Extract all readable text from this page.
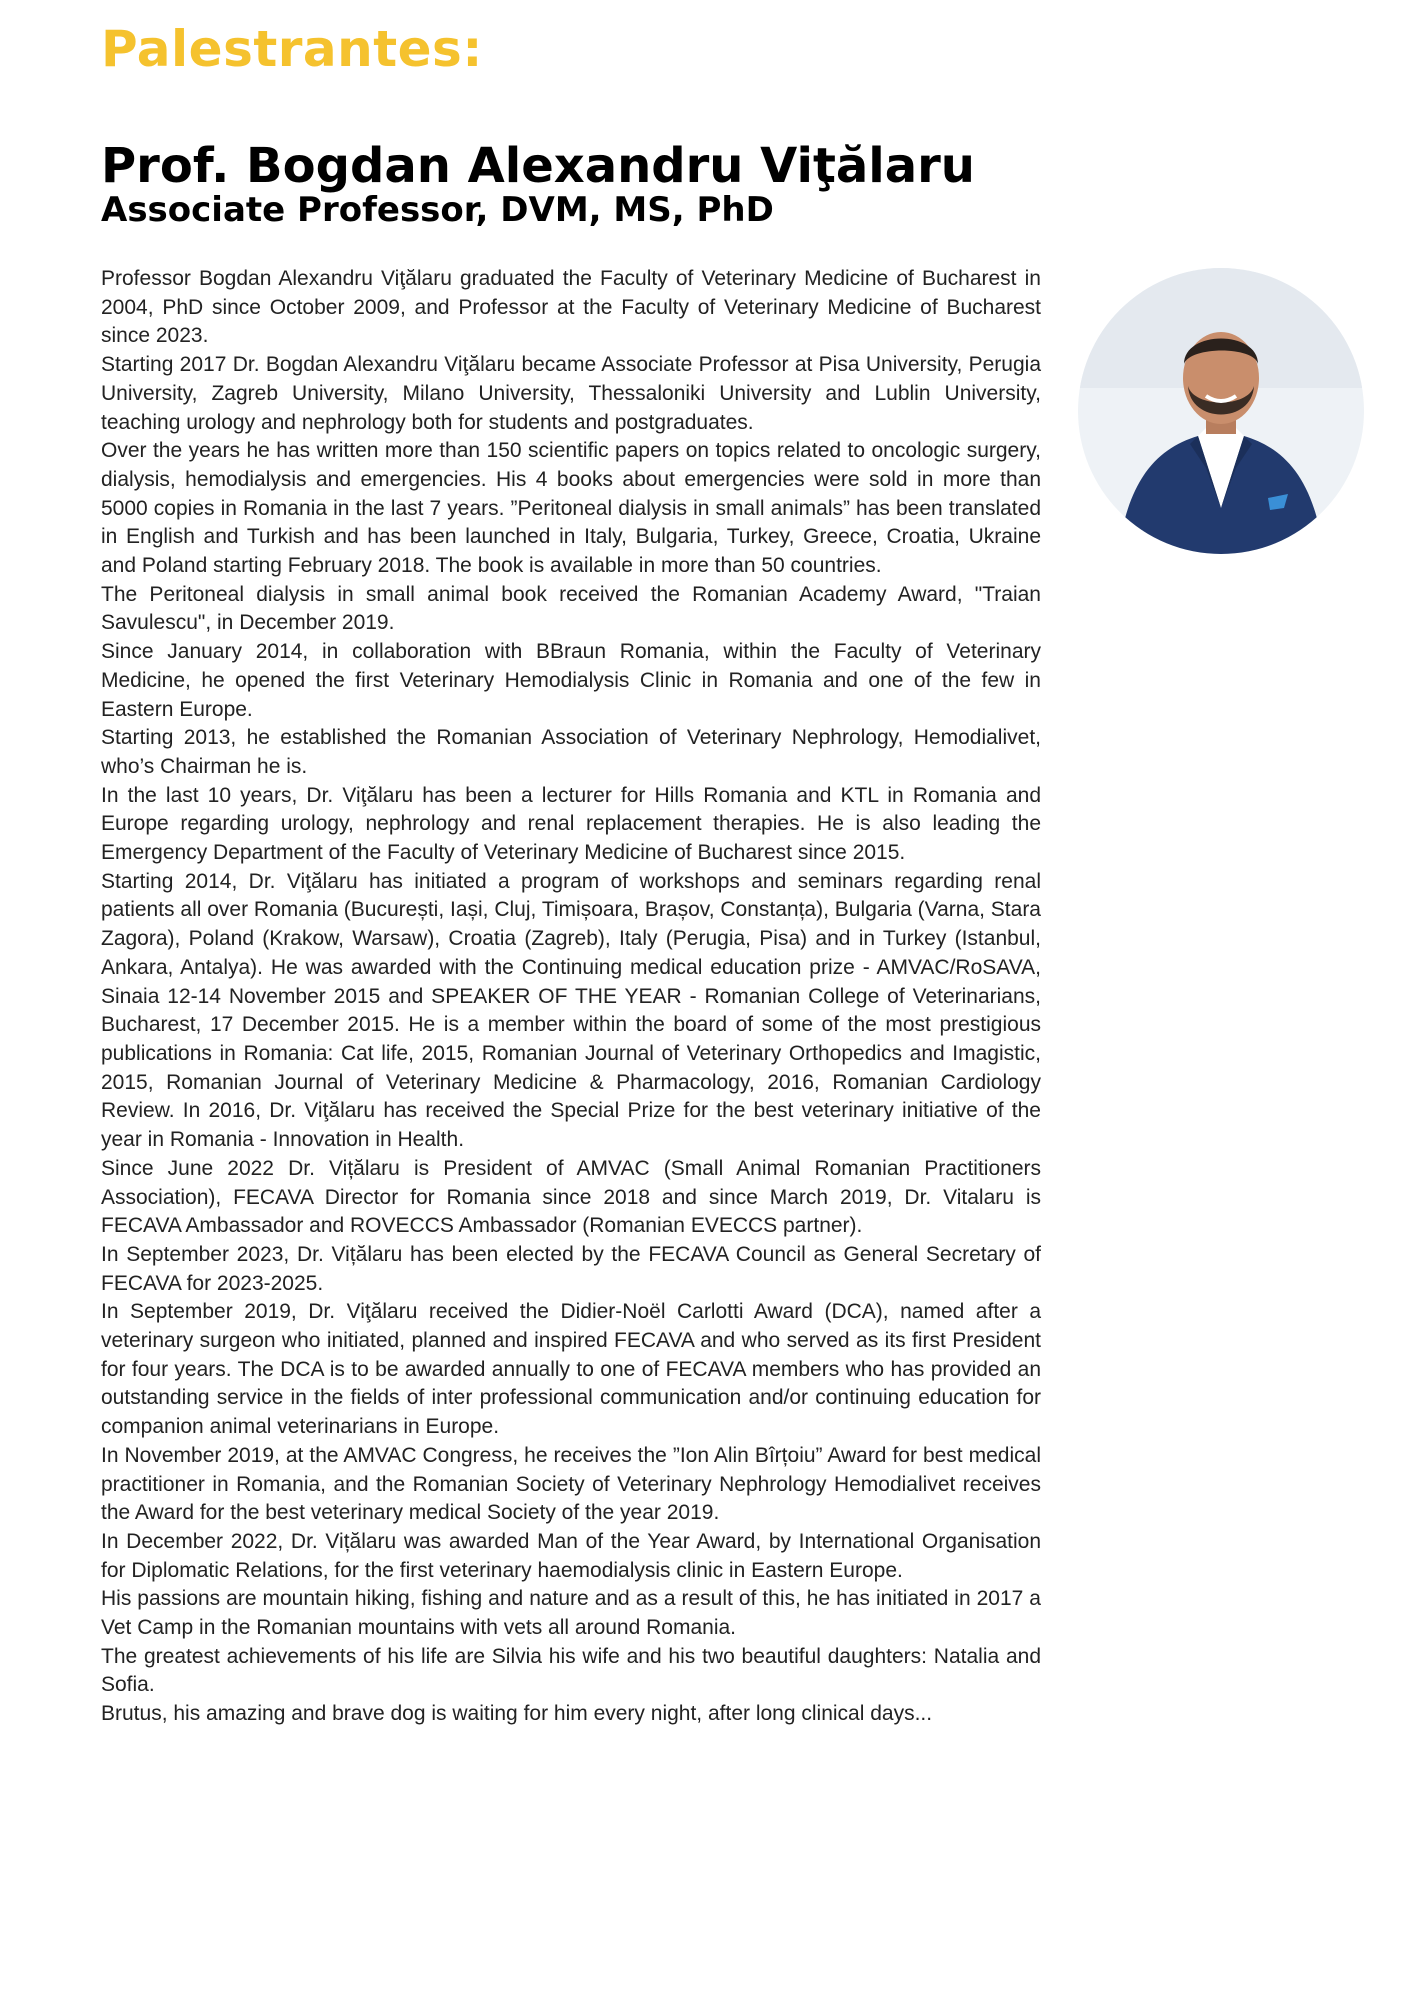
Palestrantes:
Prof. Bogdan Alexandru Viţălaru
Associate Professor, DVM, MS, PhD

Professor Bogdan Alexandru Viţălaru graduated the Faculty of Veterinary Medicine of Bucharest in 2004, PhD since October 2009, and Professor at the Faculty of Veterinary Medicine of Bucharest since 2023.

Starting 2017 Dr. Bogdan Alexandru Viţălaru became Associate Professor at Pisa University, Perugia University, Zagreb University, Milano University, Thessaloniki University and Lublin University, teaching urology and nephrology both for students and postgraduates.

Over the years he has written more than 150 scientific papers on topics related to oncologic surgery, dialysis, hemodialysis and emergencies. His 4 books about emergencies were sold in more than 5000 copies in Romania in the last 7 years. ”Peritoneal dialysis in small animals” has been translated in English and Turkish and has been launched in Italy, Bulgaria, Turkey, Greece, Croatia, Ukraine and Poland starting February 2018. The book is available in more than 50 countries.

The Peritoneal dialysis in small animal book received the Romanian Academy Award, "Traian Savulescu", in December 2019.

Since January 2014, in collaboration with BBraun Romania, within the Faculty of Veterinary Medicine, he opened the first Veterinary Hemodialysis Clinic in Romania and one of the few in Eastern Europe.

Starting 2013, he established the Romanian Association of Veterinary Nephrology, Hemodialivet, who’s Chairman he is.

In the last 10 years, Dr. Viţălaru has been a lecturer for Hills Romania and KTL in Romania and Europe regarding urology, nephrology and renal replacement therapies. He is also leading the Emergency Department of the Faculty of Veterinary Medicine of Bucharest since 2015.

Starting 2014, Dr. Viţălaru has initiated a program of workshops and seminars regarding renal patients all over Romania (București, Iași, Cluj, Timișoara, Brașov, Constanța), Bulgaria (Varna, Stara Zagora), Poland (Krakow, Warsaw), Croatia (Zagreb), Italy (Perugia, Pisa) and in Turkey (Istanbul, Ankara, Antalya). He was awarded with the Continuing medical education prize - AMVAC/RoSAVA, Sinaia 12-14 November 2015 and SPEAKER OF THE YEAR - Romanian College of Veterinarians, Bucharest, 17 December 2015. He is a member within the board of some of the most prestigious publications in Romania: Cat life, 2015, Romanian Journal of Veterinary Orthopedics and Imagistic, 2015, Romanian Journal of Veterinary Medicine & Pharmacology, 2016, Romanian Cardiology Review. In 2016, Dr. Viţălaru has received the Special Prize for the best veterinary initiative of the year in Romania - Innovation in Health.

Since June 2022 Dr. Vițălaru is President of AMVAC (Small Animal Romanian Practitioners Association), FECAVA Director for Romania since 2018 and since March 2019, Dr. Vitalaru is FECAVA Ambassador and ROVECCS Ambassador (Romanian EVECCS partner).

In September 2023, Dr. Vițălaru has been elected by the FECAVA Council as General Secretary of FECAVA for 2023-2025.

In September 2019, Dr. Viţălaru received the Didier-Noël Carlotti Award (DCA), named after a veterinary surgeon who initiated, planned and inspired FECAVA and who served as its first President for four years. The DCA is to be awarded annually to one of FECAVA members who has provided an outstanding service in the fields of inter professional communication and/or continuing education for companion animal veterinarians in Europe.

In November 2019, at the AMVAC Congress, he receives the ”Ion Alin Bîrțoiu” Award for best medical practitioner in Romania, and the Romanian Society of Veterinary Nephrology Hemodialivet receives the Award for the best veterinary medical Society of the year 2019.

In December 2022, Dr. Vițălaru was awarded Man of the Year Award, by International Organisation for Diplomatic Relations, for the first veterinary haemodialysis clinic in Eastern Europe.

His passions are mountain hiking, fishing and nature and as a result of this, he has initiated in 2017 a Vet Camp in the Romanian mountains with vets all around Romania.

The greatest achievements of his life are Silvia his wife and his two beautiful daughters: Natalia and Sofia.

Brutus, his amazing and brave dog is waiting for him every night, after long clinical days...
